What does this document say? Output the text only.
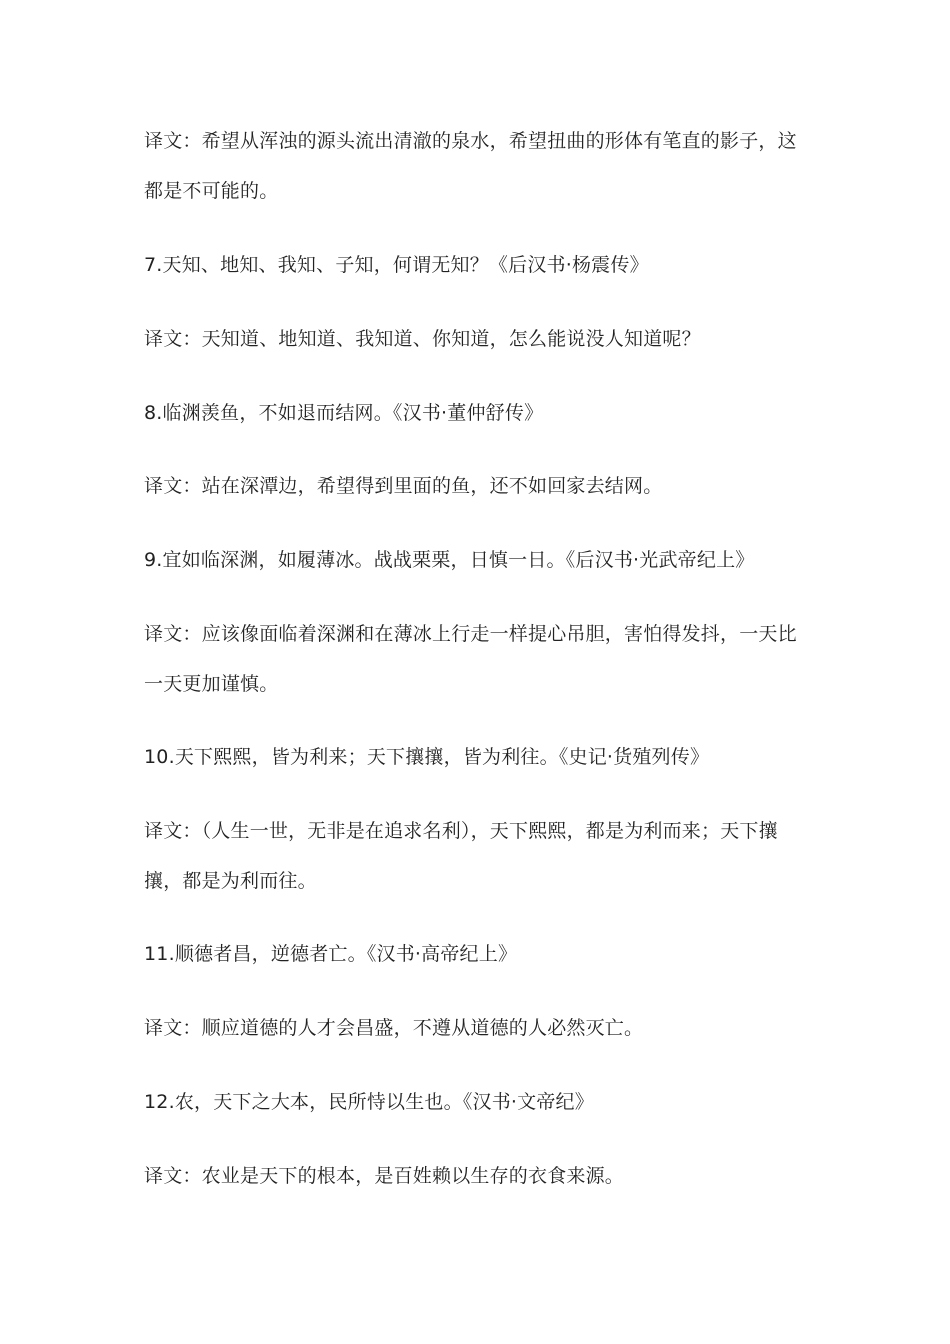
译文：希望从浑浊的源头流出清澈的泉水，希望扭曲的形体有笔直的影子，这
都是不可能的。
7.天知、地知、我知、子知，何谓无知？《后汉书·杨震传》
译文：天知道、地知道、我知道、你知道，怎么能说没人知道呢？
8.临渊羡鱼，不如退而结网。《汉书·董仲舒传》
译文：站在深潭边，希望得到里面的鱼，还不如回家去结网。
9.宜如临深渊，如履薄冰。战战栗栗，日慎一日。《后汉书·光武帝纪上》
译文：应该像面临着深渊和在薄冰上行走一样提心吊胆，害怕得发抖，一天比
一天更加谨慎。
10.天下熙熙，皆为利来；天下攘攘，皆为利往。《史记·货殖列传》
译文：（人生一世，无非是在追求名利），天下熙熙，都是为利而来；天下攘
攘，都是为利而往。
11.顺德者昌，逆德者亡。《汉书·高帝纪上》
译文：顺应道德的人才会昌盛，不遵从道德的人必然灭亡。
12.农，天下之大本，民所恃以生也。《汉书·文帝纪》
译文：农业是天下的根本，是百姓赖以生存的衣食来源。
